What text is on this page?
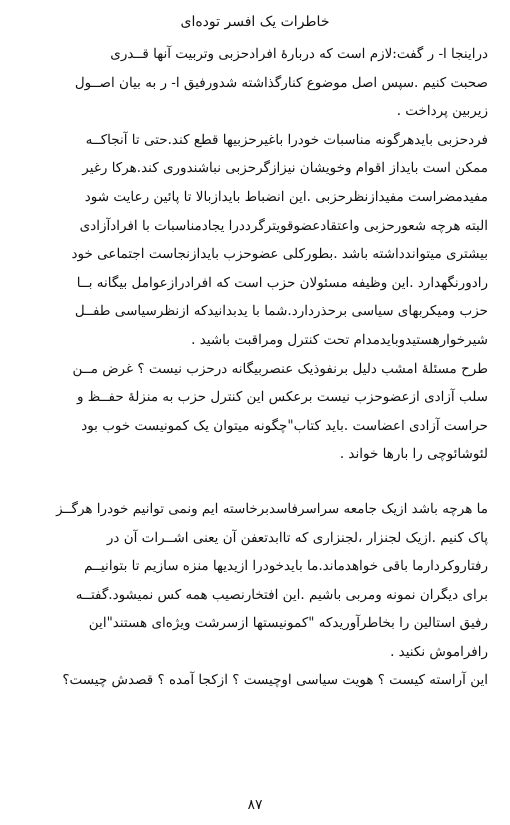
خاطرات یک افسر توده‌ای
دراینجا ا- ر گفت:لازم است که دربارهٔ افرادحزبی وتربیت آنها قــدری
صحبت کنیم .سپس اصل موضوع کنارگذاشته شدورفیق ا- ر به بیان اصــول
زیربین پرداخت .
فردحزبی بایدهرگونه مناسبات خودرا باغیرحزبیها قطع کند.حتی تا آنجاکــه
ممکن است بایداز اقوام وخویشان نیزازگرحزبی نباشندوری کند.هرکا رغیر
مفیدمضراست مفیدازنظرحزبی .این انضباط بایدازبالا تا پائین رعایت شود
البته هرچه شعورحزبی واعتقادعضوقویترگرددرا یجادمناسبات با افرادآزادی
بیشتری میتواندداشته باشد .بطورکلی عضوحزب بایدازنجاست اجتماعی خود
رادورنگهدارد .این وظیفه مسئولان حزب است که افرادرازعوامل بیگانه بــا
حزب ومیکربهای سیاسی برحذردارد.شما با یدبدانیدکه ازنظرسیاسی طفــل
شیرخوارهستیدوبایدمدام تحت کنترل ومراقبت باشید .
طرح مسئلهٔ امشب دلیل برنفوذیک عنصربیگانه درحزب نیست ؟ غرض مــن
سلب آزادی ازعضوحزب نیست برعکس این کنترل حزب به منزلهٔ حفــظ و
حراست آزادی اعضاست .باید کتاب"چگونه میتوان یک کمونیست خوب بود
لئوشائوچی را بارها خواند .
ما هرچه باشد ازیک جامعه سراسرفاسدبرخاسته ایم ونمی توانیم خودرا هرگــز
پاک کنیم .ازیک لجنزار ،لجنزاری که تاابدتعفن آن یعنی اشــرات آن در
رفتاروکردارما باقی خواهدماند.ما بایدخودرا ازیدیها منزه سازیم تا بتوانیــم
برای دیگران نمونه ومربی باشیم .این افتخارنصیب همه کس نمیشود.گفتــه
رفیق استالین را بخاطرآوریدکه "کمونیستها ازسرشت ویژه‌ای هستند"این
رافراموش نکنید .
این آراسته کیست ؟ هویت سیاسی اوچیست ؟ ازکجا آمده ؟ قصدش چیست؟
۸۷
